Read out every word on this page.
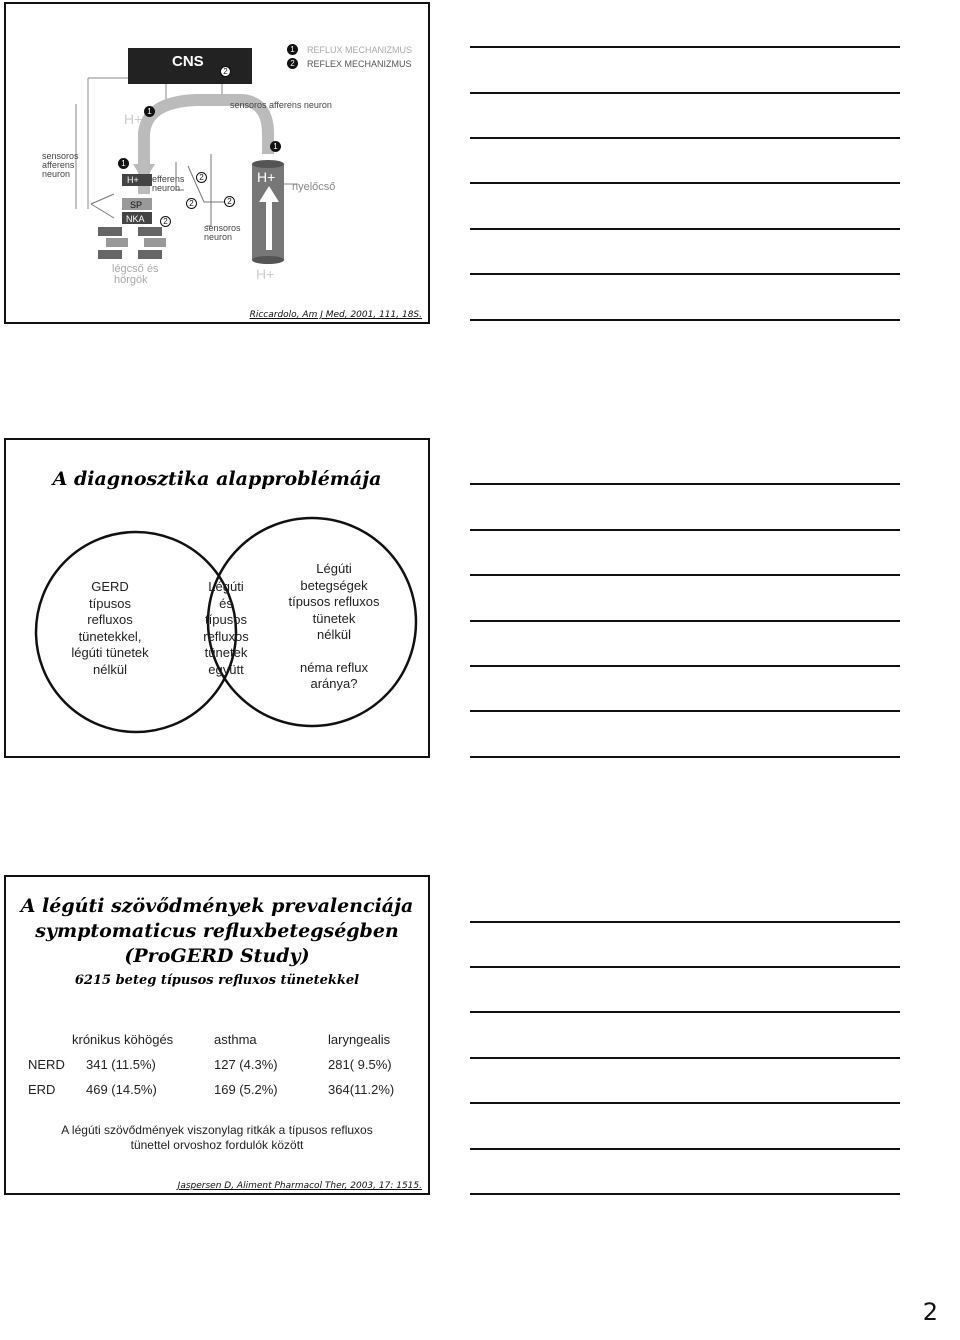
CNS
2
1	REFLUX MECHANIZMUS
2	REFLEX MECHANIZMUS
sensoros afferens neuron
1
H+
sensoros
afferens
neuron
1
H+ efferens
neuron
2
SP
NKA	2
2	2
sensoros
neuron
1
H+
nyelőcső
légcső és
hörgök	H+
Riccardolo, Am J Med, 2001, 111, 18S.
A diagnosztika alapproblémája
GERD
típusos
refluxos
tünetekkel,
légúti tünetek
nélkül
Légúti
és
típusos
refluxos
tünetek
együtt
Légúti
betegségek
típusos refluxos
tünetek
nélkül
néma reflux
aránya?
A légúti szövődmények prevalenciája
symptomaticus refluxbetegségben
(ProGERD Study)
6215 beteg típusos refluxos tünetekkel
	krónikus köhögés	asthma	laryngealis
NERD	341 (11.5%)	127 (4.3%)	281( 9.5%)
ERD	469 (14.5%)	169 (5.2%)	364(11.2%)
A légúti szövődmények viszonylag ritkák a típusos refluxos
tünettel orvoshoz fordulók között
Jaspersen D, Aliment Pharmacol Ther, 2003, 17: 1515.
2
